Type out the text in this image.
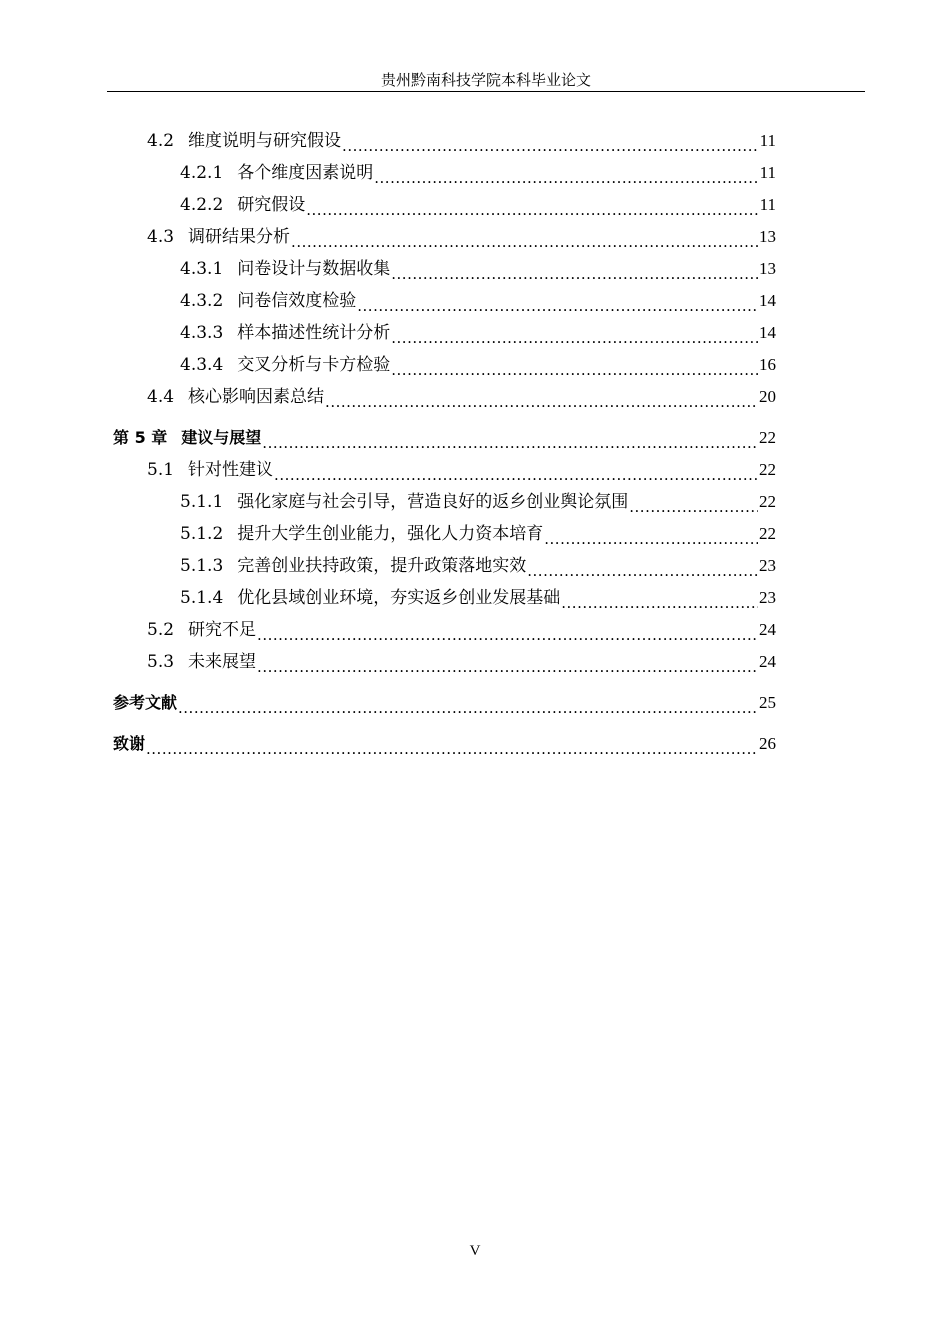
贵州黔南科技学院本科毕业论文
4.2 维度说明与研究假设 .....	11
4.2.1 各个维度因素说明 .....	11
4.2.2 研究假设 .....	11
4.3 调研结果分析 .....	13
4.3.1 问卷设计与数据收集 .....	13
4.3.2 问卷信效度检验 .....	14
4.3.3 样本描述性统计分析 .....	14
4.3.4 交叉分析与卡方检验 .....	16
4.4 核心影响因素总结 .....	20
第 5 章 建议与展望 .....	22
5.1 针对性建议 .....	22
5.1.1 强化家庭与社会引导，营造良好的返乡创业舆论氛围 .....	22
5.1.2 提升大学生创业能力，强化人力资本培育 .....	22
5.1.3 完善创业扶持政策，提升政策落地实效 .....	23
5.1.4 优化县域创业环境，夯实返乡创业发展基础 .....	23
5.2 研究不足 .....	24
5.3 未来展望 .....	24
参考文献 .....	25
致谢 .....	26
V
